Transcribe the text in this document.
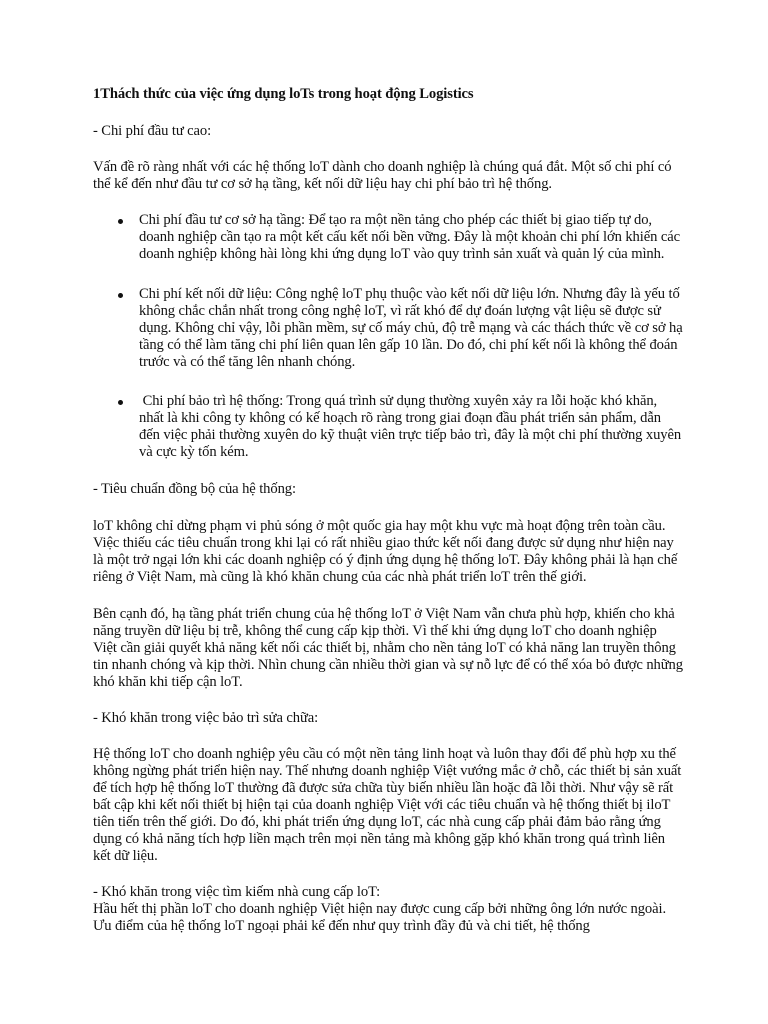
1Thách thức của việc ứng dụng loTs trong hoạt động Logistics

- Chi phí đầu tư cao:

Vấn đề rõ ràng nhất với các hệ thống loT dành cho doanh nghiệp là chúng quá đắt. Một số chi phí có thể kể đến như đầu tư cơ sở hạ tầng, kết nối dữ liệu hay chi phí bảo trì hệ thống.

Chi phí đầu tư cơ sở hạ tầng: Để tạo ra một nền tảng cho phép các thiết bị giao tiếp tự do, doanh nghiệp cần tạo ra một kết cấu kết nối bền vững. Đây là một khoản chi phí lớn khiến các doanh nghiệp không hài lòng khi ứng dụng loT vào quy trình sản xuất và quản lý của mình.
Chi phí kết nối dữ liệu: Công nghệ loT phụ thuộc vào kết nối dữ liệu lớn. Nhưng đây là yếu tố không chắc chắn nhất trong công nghệ loT, vì rất khó để dự đoán lượng vật liệu sẽ được sử dụng. Không chỉ vậy, lỗi phần mềm, sự cố máy chủ, độ trễ mạng và các thách thức về cơ sở hạ tầng có thể làm tăng chi phí liên quan lên gấp 10 lần. Do đó, chi phí kết nối là không thể đoán trước và có thể tăng lên nhanh chóng.
Chi phí bảo trì hệ thống: Trong quá trình sử dụng thường xuyên xảy ra lỗi hoặc khó khăn, nhất là khi công ty không có kế hoạch rõ ràng trong giai đoạn đầu phát triển sản phẩm, dẫn đến việc phải thường xuyên do kỹ thuật viên trực tiếp bảo trì, đây là một chi phí thường xuyên và cực kỳ tốn kém.

- Tiêu chuẩn đồng bộ của hệ thống:

loT không chỉ dừng phạm vi phủ sóng ở một quốc gia hay một khu vực mà hoạt động trên toàn cầu. Việc thiếu các tiêu chuẩn trong khi lại có rất nhiều giao thức kết nối đang được sử dụng như hiện nay là một trở ngại lớn khi các doanh nghiệp có ý định ứng dụng hệ thống loT. Đây không phải là hạn chế riêng ở Việt Nam, mà cũng là khó khăn chung của các nhà phát triển loT trên thế giới.

Bên cạnh đó, hạ tầng phát triển chung của hệ thống loT ở Việt Nam vẫn chưa phù hợp, khiến cho khả năng truyền dữ liệu bị trễ, không thể cung cấp kịp thời. Vì thế khi ứng dụng loT cho doanh nghiệp Việt cần giải quyết khả năng kết nối các thiết bị, nhằm cho nền tảng loT có khả năng lan truyền thông tin nhanh chóng và kịp thời. Nhìn chung cần nhiều thời gian và sự nỗ lực để có thể xóa bỏ được những khó khăn khi tiếp cận loT.

- Khó khăn trong việc bảo trì sửa chữa:

Hệ thống loT cho doanh nghiệp yêu cầu có một nền tảng linh hoạt và luôn thay đổi để phù hợp xu thế không ngừng phát triển hiện nay. Thế nhưng doanh nghiệp Việt vướng mắc ở chỗ, các thiết bị sản xuất để tích hợp hệ thống loT thường đã được sửa chữa tùy biến nhiều lần hoặc đã lỗi thời. Như vậy sẽ rất bất cập khi kết nối thiết bị hiện tại của doanh nghiệp Việt với các tiêu chuẩn và hệ thống thiết bị iloT tiên tiến trên thế giới. Do đó, khi phát triển ứng dụng loT, các nhà cung cấp phải đảm bảo rằng ứng dụng có khả năng tích hợp liền mạch trên mọi nền tảng mà không gặp khó khăn trong quá trình liên kết dữ liệu.

- Khó khăn trong việc tìm kiếm nhà cung cấp loT:

Hầu hết thị phần loT cho doanh nghiệp Việt hiện nay được cung cấp bởi những ông lớn nước ngoài. Ưu điểm của hệ thống loT ngoại phải kể đến như quy trình đầy đủ và chi tiết, hệ thống
